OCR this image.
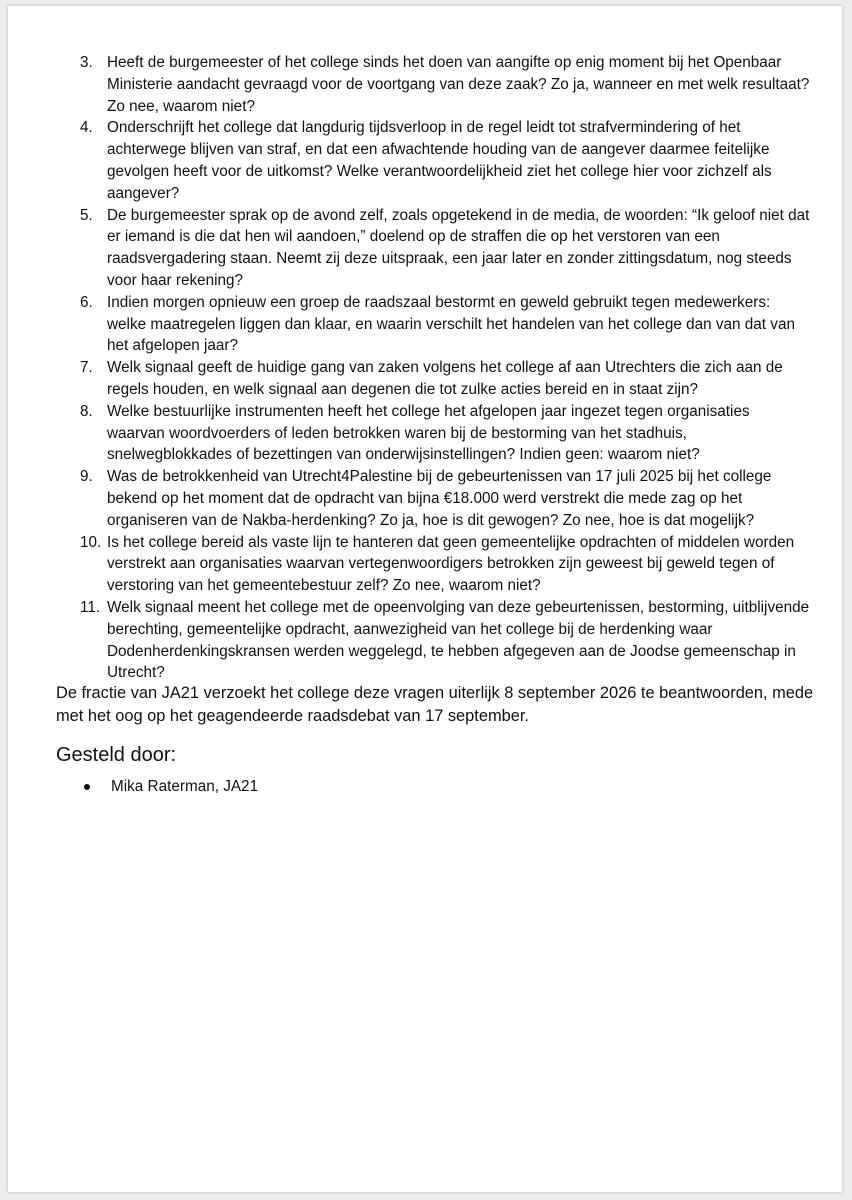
3. Heeft de burgemeester of het college sinds het doen van aangifte op enig moment bij het Openbaar Ministerie aandacht gevraagd voor de voortgang van deze zaak? Zo ja, wanneer en met welk resultaat? Zo nee, waarom niet?
4. Onderschrijft het college dat langdurig tijdsverloop in de regel leidt tot strafvermindering of het achterwege blijven van straf, en dat een afwachtende houding van de aangever daarmee feitelijke gevolgen heeft voor de uitkomst? Welke verantwoordelijkheid ziet het college hier voor zichzelf als aangever?
5. De burgemeester sprak op de avond zelf, zoals opgetekend in de media, de woorden: “Ik geloof niet dat er iemand is die dat hen wil aandoen,” doelend op de straffen die op het verstoren van een raadsvergadering staan. Neemt zij deze uitspraak, een jaar later en zonder zittingsdatum, nog steeds voor haar rekening?
6. Indien morgen opnieuw een groep de raadszaal bestormt en geweld gebruikt tegen medewerkers: welke maatregelen liggen dan klaar, en waarin verschilt het handelen van het college dan van dat van het afgelopen jaar?
7. Welk signaal geeft de huidige gang van zaken volgens het college af aan Utrechters die zich aan de regels houden, en welk signaal aan degenen die tot zulke acties bereid en in staat zijn?
8. Welke bestuurlijke instrumenten heeft het college het afgelopen jaar ingezet tegen organisaties waarvan woordvoerders of leden betrokken waren bij de bestorming van het stadhuis, snelwegblokkades of bezettingen van onderwijsinstellingen? Indien geen: waarom niet?
9. Was de betrokkenheid van Utrecht4Palestine bij de gebeurtenissen van 17 juli 2025 bij het college bekend op het moment dat de opdracht van bijna €18.000 werd verstrekt die mede zag op het organiseren van de Nakba-herdenking? Zo ja, hoe is dit gewogen? Zo nee, hoe is dat mogelijk?
10. Is het college bereid als vaste lijn te hanteren dat geen gemeentelijke opdrachten of middelen worden verstrekt aan organisaties waarvan vertegenwoordigers betrokken zijn geweest bij geweld tegen of verstoring van het gemeentebestuur zelf? Zo nee, waarom niet?
11. Welk signaal meent het college met de opeenvolging van deze gebeurtenissen, bestorming, uitblijvende berechting, gemeentelijke opdracht, aanwezigheid van het college bij de herdenking waar Dodenherdenkingskransen werden weggelegd, te hebben afgegeven aan de Joodse gemeenschap in Utrecht?

De fractie van JA21 verzoekt het college deze vragen uiterlijk 8 september 2026 te beantwoorden, mede met het oog op het geagendeerde raadsdebat van 17 september.

Gesteld door:
Mika Raterman, JA21
